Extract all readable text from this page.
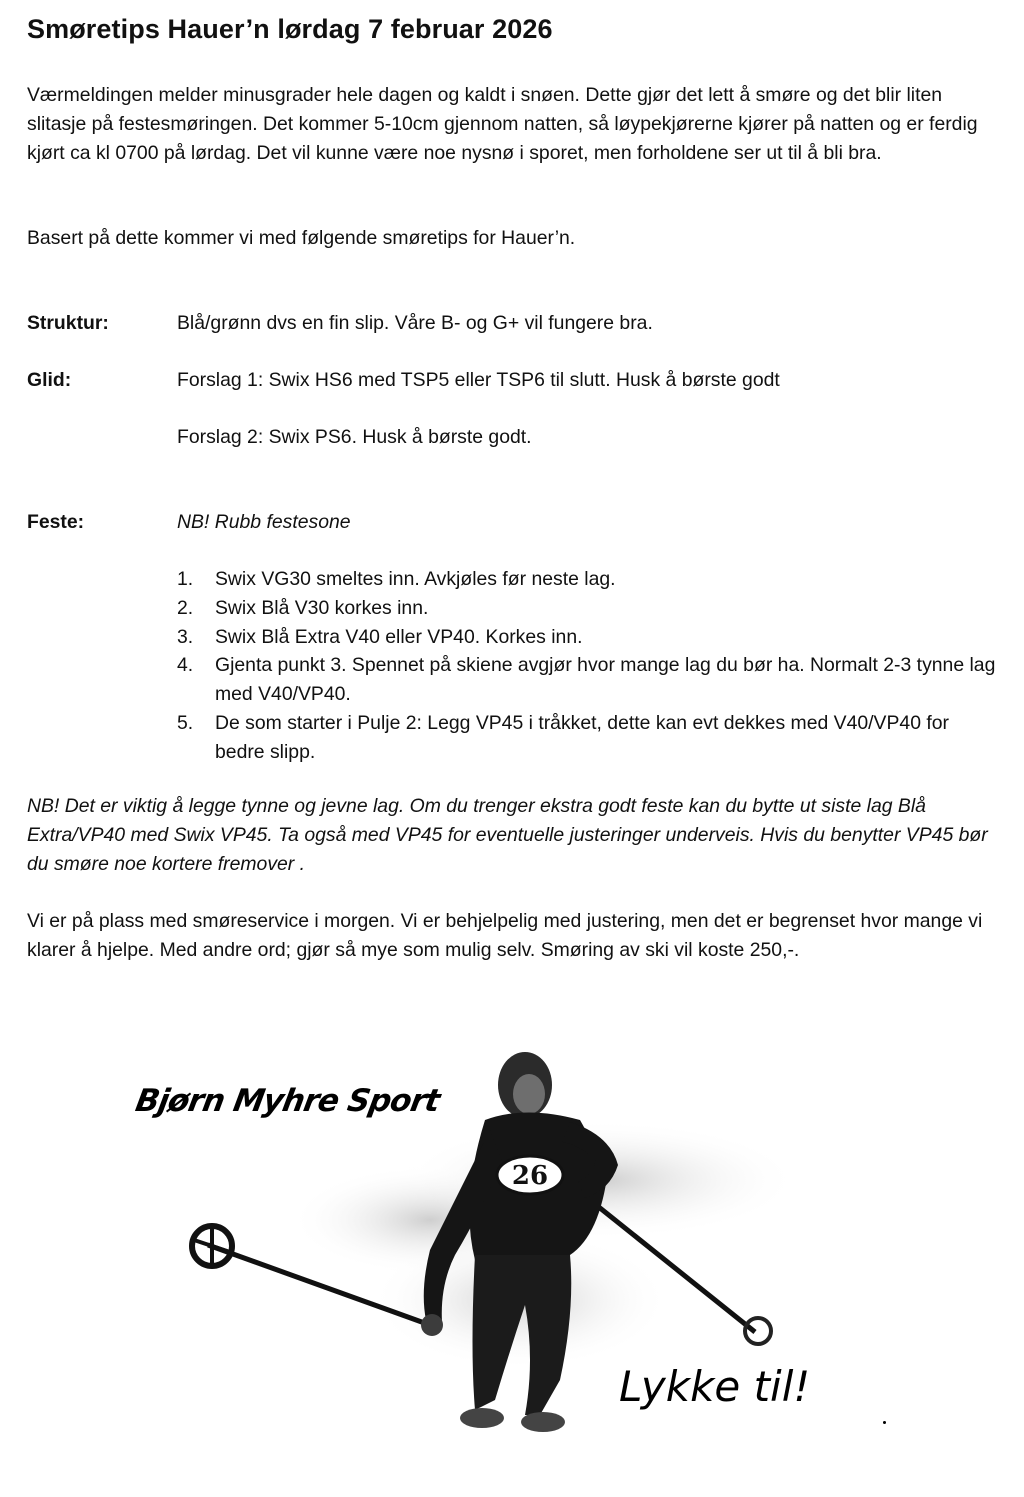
Smøretips Hauer’n lørdag 7 februar 2026

Værmeldingen melder minusgrader hele dagen og kaldt i snøen. Dette gjør det lett å smøre og det blir liten slitasje på festesmøringen. Det kommer 5-10cm gjennom natten, så løypekjørerne kjører på natten og er ferdig kjørt ca kl 0700 på lørdag. Det vil kunne være noe nysnø i sporet, men forholdene ser ut til å bli bra.

Basert på dette kommer vi med følgende smøretips for Hauer’n.

Struktur:	Blå/grønn dvs en fin slip. Våre B- og G+ vil fungere bra.
Glid:	Forslag 1: Swix HS6 med TSP5 eller TSP6 til slutt. Husk å børste godt
Forslag 2: Swix PS6. Husk å børste godt.
Feste:	NB! Rubb festesone
1. Swix VG30 smeltes inn. Avkjøles før neste lag.
2. Swix Blå V30 korkes inn.
3. Swix Blå Extra V40 eller VP40. Korkes inn.
4. Gjenta punkt 3. Spennet på skiene avgjør hvor mange lag du bør ha. Normalt 2-3 tynne lag med V40/VP40.
5. De som starter i Pulje 2: Legg VP45 i tråkket, dette kan evt dekkes med V40/VP40 for bedre slipp.

NB! Det er viktig å legge tynne og jevne lag. Om du trenger ekstra godt feste kan du bytte ut siste lag Blå Extra/VP40 med Swix VP45. Ta også med VP45 for eventuelle justeringer underveis. Hvis du benytter VP45 bør du smøre noe kortere fremover .

Vi er på plass med smøreservice i morgen. Vi er behjelpelig med justering, men det er begrenset hvor mange vi klarer å hjelpe. Med andre ord; gjør så mye som mulig selv. Smøring av ski vil koste 250,-.

26
Bjørn Myhre Sport
Lykke til!
